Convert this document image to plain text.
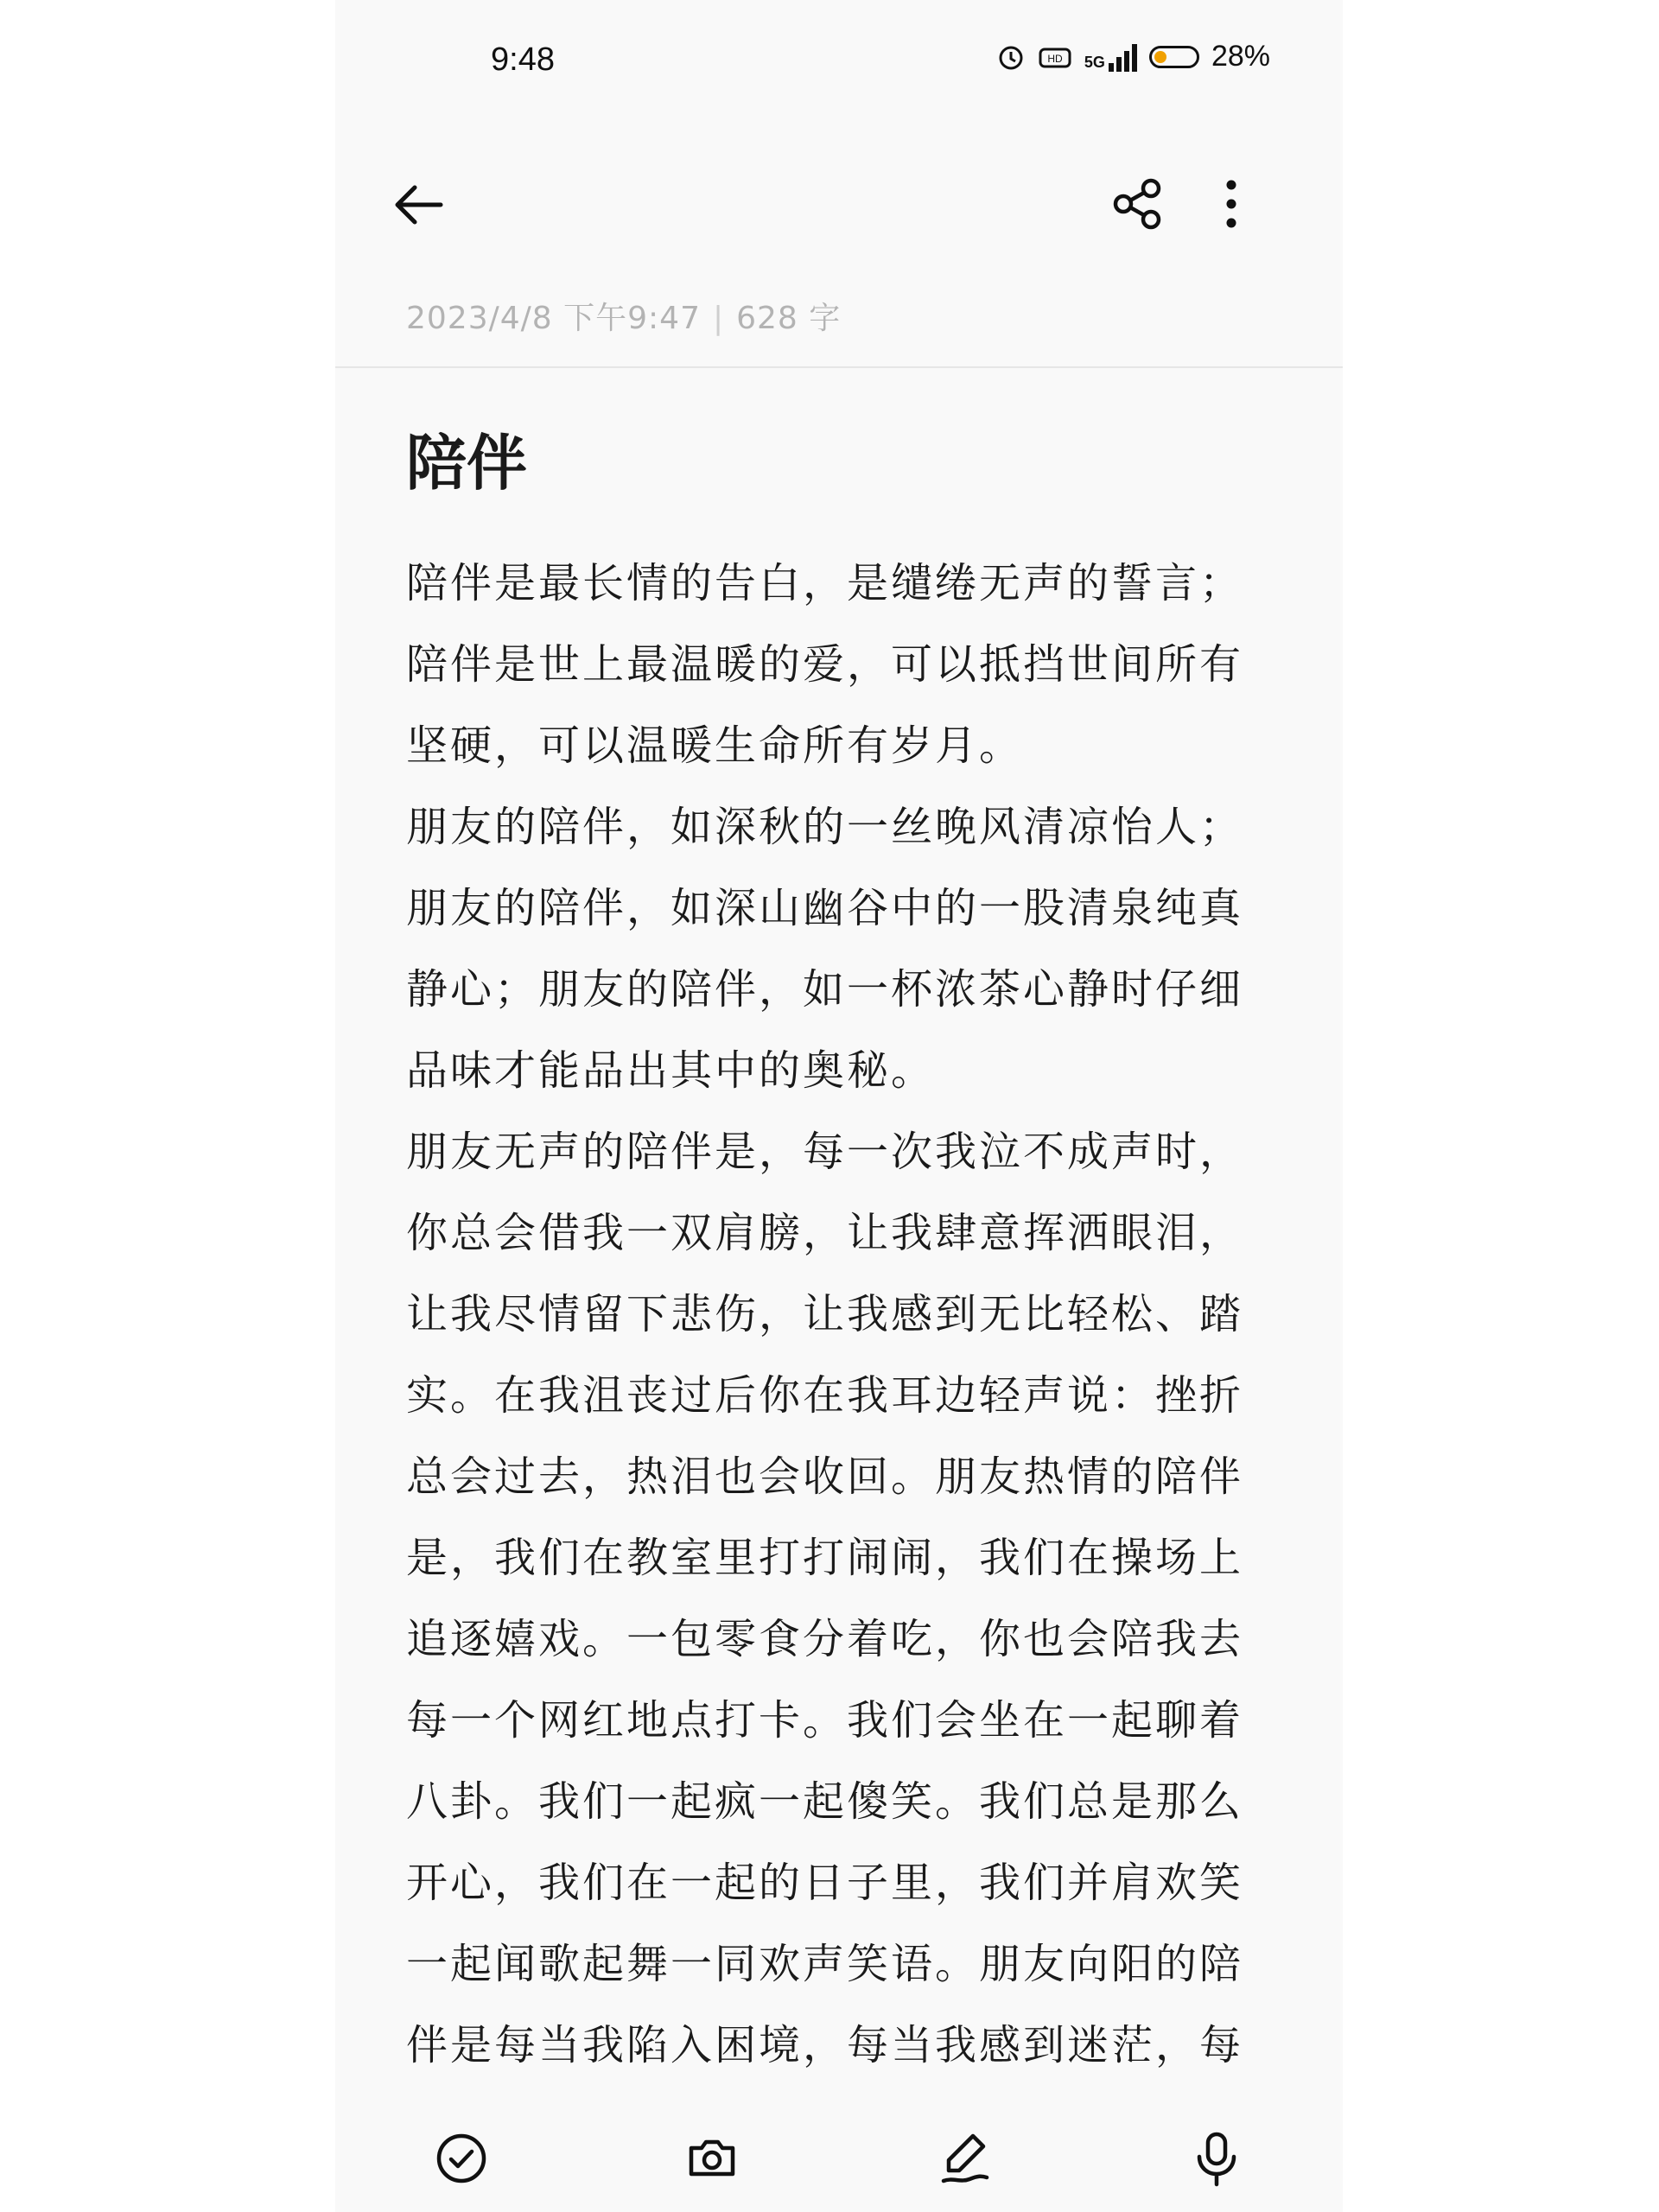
9:48	HD 5G	28%
2023/4/8 下午9:47 | 628 字
陪伴

陪伴是最长情的告白，是缱绻无声的誓言；陪伴是世上最温暖的爱，可以抵挡世间所有坚硬，可以温暖生命所有岁月。

朋友的陪伴，如深秋的一丝晚风清凉怡人；朋友的陪伴，如深山幽谷中的一股清泉纯真静心；朋友的陪伴，如一杯浓茶心静时仔细品味才能品出其中的奥秘。

朋友无声的陪伴是，每一次我泣不成声时，你总会借我一双肩膀，让我肆意挥洒眼泪，让我尽情留下悲伤，让我感到无比轻松、踏实。在我沮丧过后你在我耳边轻声说：挫折总会过去，热泪也会收回。朋友热情的陪伴是，我们在教室里打打闹闹，我们在操场上追逐嬉戏。一包零食分着吃，你也会陪我去每一个网红地点打卡。我们会坐在一起聊着八卦。我们一起疯一起傻笑。我们总是那么开心，我们在一起的日子里，我们并肩欢笑一起闻歌起舞一同欢声笑语。朋友向阳的陪伴是每当我陷入困境，每当我感到迷茫，每
